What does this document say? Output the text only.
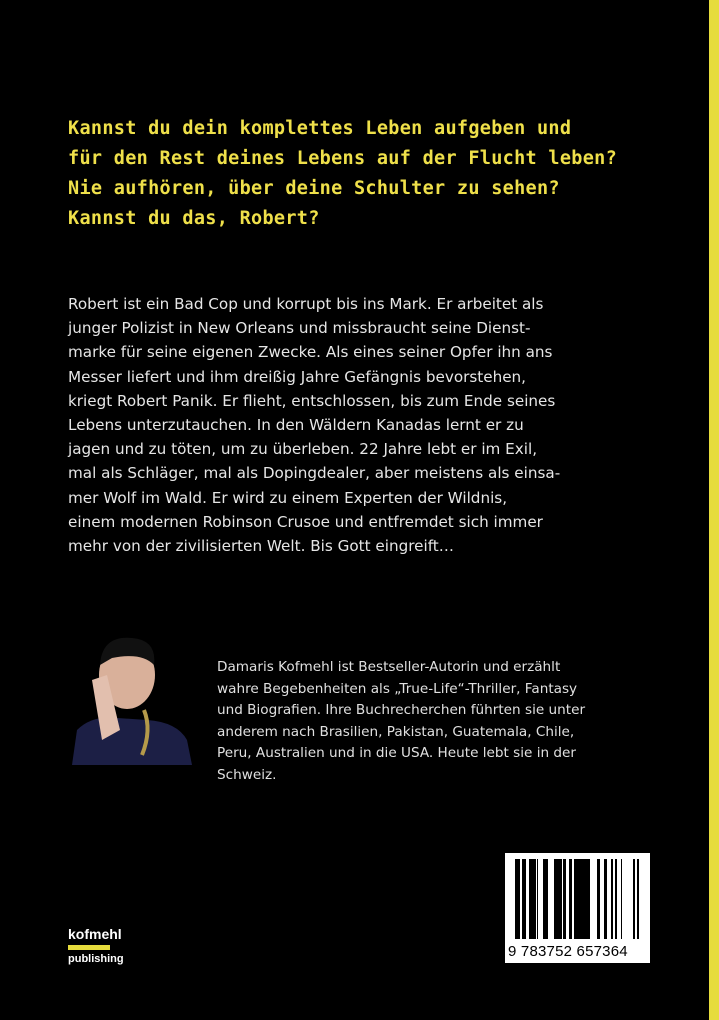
Kannst du dein komplettes Leben aufgeben und
für den Rest deines Lebens auf der Flucht leben?
Nie aufhören, über deine Schulter zu sehen?
Kannst du das, Robert?
Robert ist ein Bad Cop und korrupt bis ins Mark. Er arbeitet als
junger Polizist in New Orleans und missbraucht seine Dienst-
marke für seine eigenen Zwecke. Als eines seiner Opfer ihn ans
Messer liefert und ihm dreißig Jahre Gefängnis bevorstehen,
kriegt Robert Panik. Er flieht, entschlossen, bis zum Ende seines
Lebens unterzutauchen. In den Wäldern Kanadas lernt er zu
jagen und zu töten, um zu überleben. 22 Jahre lebt er im Exil,
mal als Schläger, mal als Dopingdealer, aber meistens als einsa-
mer Wolf im Wald. Er wird zu einem Experten der Wildnis,
einem modernen Robinson Crusoe und entfremdet sich immer
mehr von der zivilisierten Welt. Bis Gott eingreift…
Damaris Kofmehl ist Bestseller-Autorin und erzählt
wahre Begebenheiten als „True-Life“-Thriller, Fantasy
und Biografien. Ihre Buchrecherchen führten sie unter
anderem nach Brasilien, Pakistan, Guatemala, Chile,
Peru, Australien und in die USA. Heute lebt sie in der
Schweiz.
kofmehl
publishing	9 783752 657364
